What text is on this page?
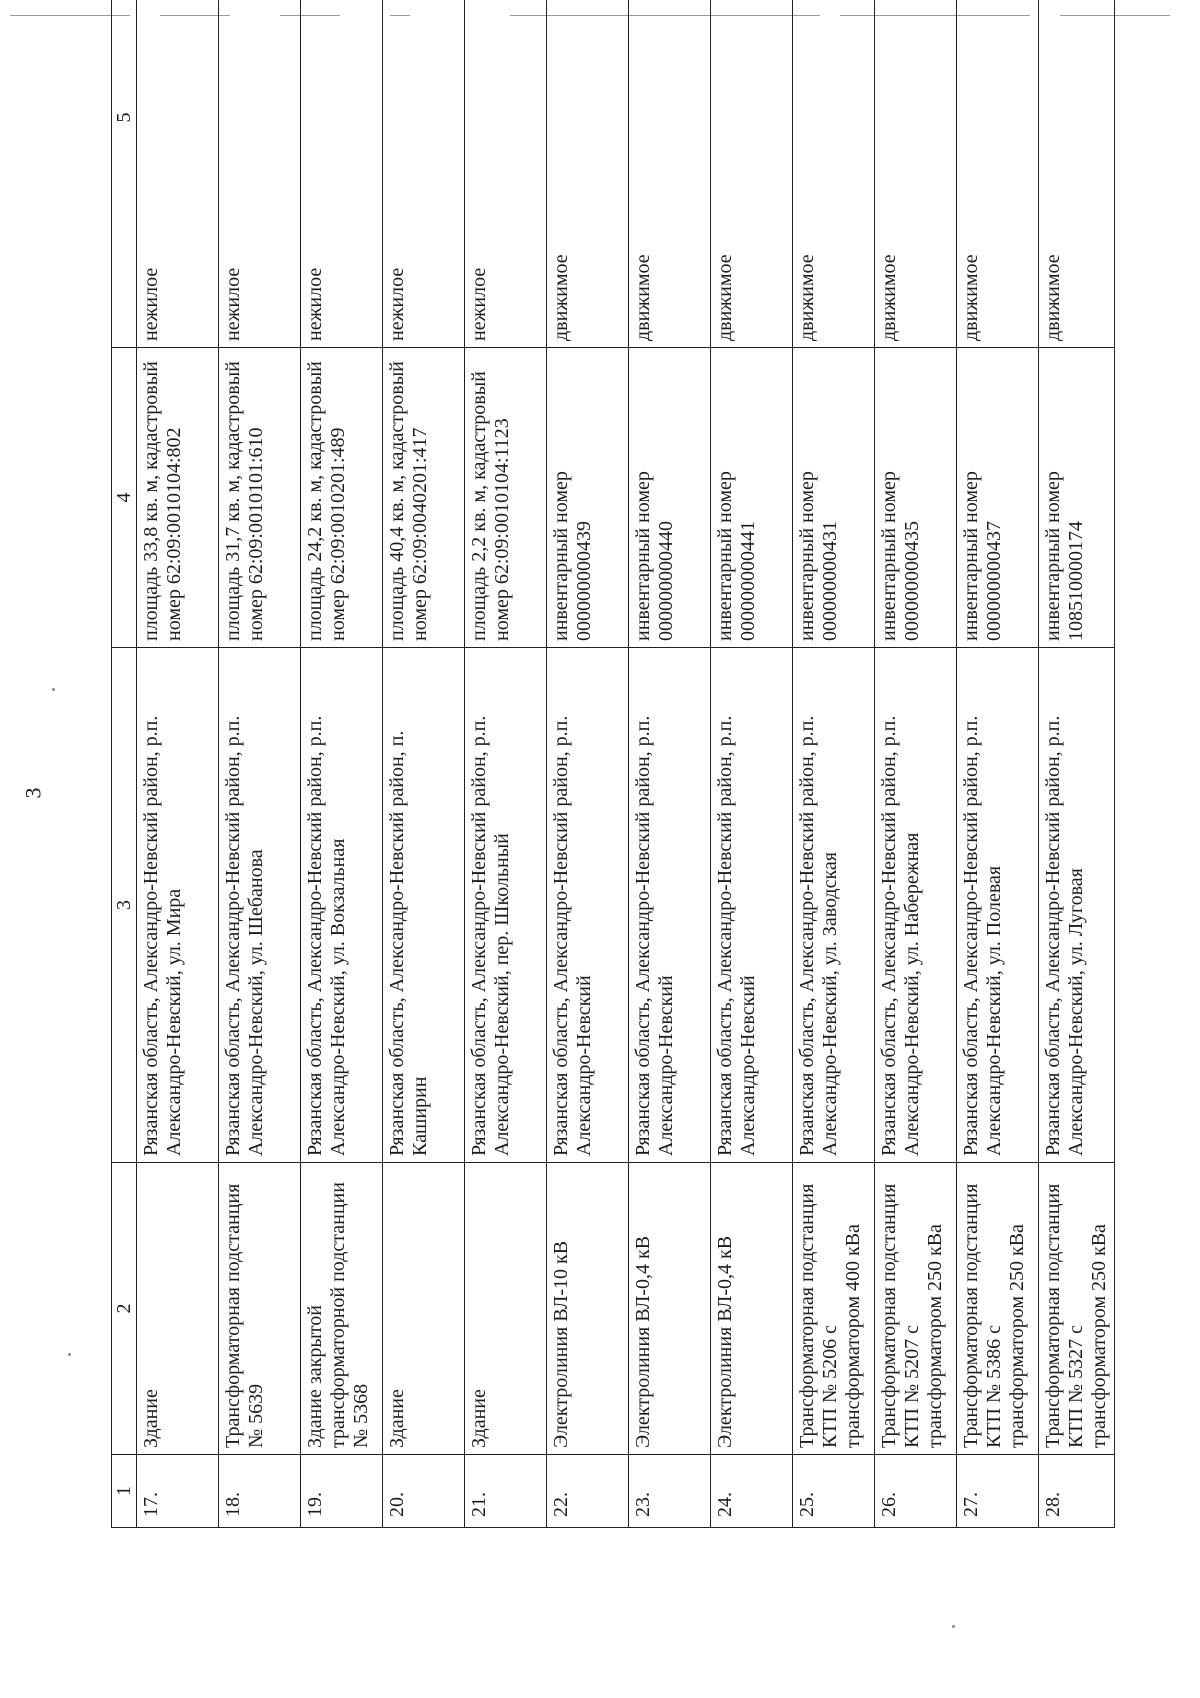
3
1	2	3	4	5
17.	Здание	Рязанская область, Александро-Невский район, р.п. Александро-Невский, ул. Мира	площадь 33,8 кв. м, кадастровый номер 62:09:0010104:802	нежилое
18.	Трансформаторная подстанция № 5639	Рязанская область, Александро-Невский район, р.п. Александро-Невский, ул. Шебанова	площадь 31,7 кв. м, кадастровый номер 62:09:0010101:610	нежилое
19.	Здание закрытой трансформаторной подстанции № 5368	Рязанская область, Александро-Невский район, р.п. Александро-Невский, ул. Вокзальная	площадь 24,2 кв. м, кадастровый номер 62:09:0010201:489	нежилое
20.	Здание	Рязанская область, Александро-Невский район, п. Каширин	площадь 40,4 кв. м, кадастровый номер 62:09:0040201:417	нежилое
21.	Здание	Рязанская область, Александро-Невский район, р.п. Александро-Невский, пер. Школьный	площадь 2,2 кв. м, кадастровый номер 62:09:0010104:1123	нежилое
22.	Электролиния ВЛ-10 кВ	Рязанская область, Александро-Невский район, р.п. Александро-Невский	инвентарный номер 000000000439	движимое
23.	Электролиния ВЛ-0,4 кВ	Рязанская область, Александро-Невский район, р.п. Александро-Невский	инвентарный номер 000000000440	движимое
24.	Электролиния ВЛ-0,4 кВ	Рязанская область, Александро-Невский район, р.п. Александро-Невский	инвентарный номер 000000000441	движимое
25.	Трансформаторная подстанция КТП № 5206 с трансформатором 400 кВа	Рязанская область, Александро-Невский район, р.п. Александро-Невский, ул. Заводская	инвентарный номер 000000000431	движимое
26.	Трансформаторная подстанция КТП № 5207 с трансформатором 250 кВа	Рязанская область, Александро-Невский район, р.п. Александро-Невский, ул. Набережная	инвентарный номер 000000000435	движимое
27.	Трансформаторная подстанция КТП № 5386 с трансформатором 250 кВа	Рязанская область, Александро-Невский район, р.п. Александро-Невский, ул. Полевая	инвентарный номер 000000000437	движимое
28.	Трансформаторная подстанция КТП № 5327 с трансформатором 250 кВа	Рязанская область, Александро-Невский район, р.п. Александро-Невский, ул. Луговая	инвентарный номер 108510000174	движимое
